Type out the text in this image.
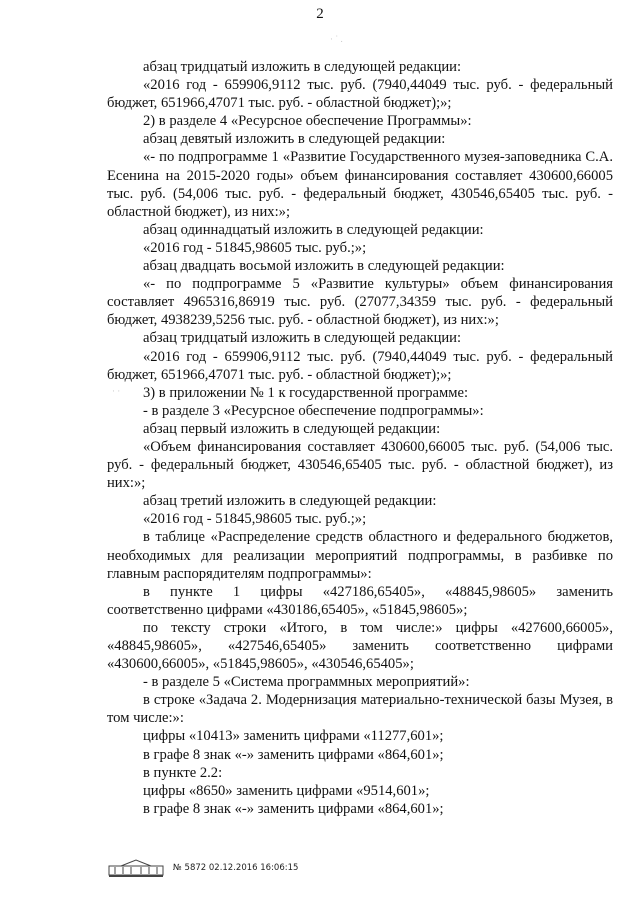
2
· ˙ .
· ·

абзац тридцатый изложить в следующей редакции:

«2016 год - 659906,9112 тыс. руб. (7940,44049 тыс. руб. - федеральный бюджет, 651966,47071 тыс. руб. - областной бюджет);»;

2) в разделе 4 «Ресурсное обеспечение Программы»:

абзац девятый изложить в следующей редакции:

«- по подпрограмме 1 «Развитие Государственного музея-заповедника С.А. Есенина на 2015-2020 годы» объем финансирования составляет 430600,66005 тыс. руб. (54,006 тыс. руб. - федеральный бюджет, 430546,65405 тыс. руб. - областной бюджет), из них:»;

абзац одиннадцатый изложить в следующей редакции:

«2016 год - 51845,98605 тыс. руб.;»;

абзац двадцать восьмой изложить в следующей редакции:

«- по подпрограмме 5 «Развитие культуры» объем финансирования составляет 4965316,86919 тыс. руб. (27077,34359 тыс. руб. - федеральный бюджет, 4938239,5256 тыс. руб. - областной бюджет), из них:»;

абзац тридцатый изложить в следующей редакции:

«2016 год - 659906,9112 тыс. руб. (7940,44049 тыс. руб. - федеральный бюджет, 651966,47071 тыс. руб. - областной бюджет);»;

3) в приложении № 1 к государственной программе:

- в разделе 3 «Ресурсное обеспечение подпрограммы»:

абзац первый изложить в следующей редакции:

«Объем финансирования составляет 430600,66005 тыс. руб. (54,006 тыс. руб. - федеральный бюджет, 430546,65405 тыс. руб. - областной бюджет), из них:»;

абзац третий изложить в следующей редакции:

«2016 год - 51845,98605 тыс. руб.;»;

в таблице «Распределение средств областного и федерального бюджетов, необходимых для реализации мероприятий подпрограммы, в разбивке по главным распорядителям подпрограммы»:

в пункте 1 цифры «427186,65405», «48845,98605» заменить соответственно цифрами «430186,65405», «51845,98605»;

по тексту строки «Итого, в том числе:» цифры «427600,66005», «48845,98605», «427546,65405» заменить соответственно цифрами «430600,66005», «51845,98605», «430546,65405»;

- в разделе 5 «Система программных мероприятий»:

в строке «Задача 2. Модернизация материально-технической базы Музея, в том числе:»:

цифры «10413» заменить цифрами «11277,601»;

в графе 8 знак «-» заменить цифрами «864,601»;

в пункте 2.2:

цифры «8650» заменить цифрами «9514,601»;

в графе 8 знак «-» заменить цифрами «864,601»;

№ 5872 02.12.2016 16:06:15
